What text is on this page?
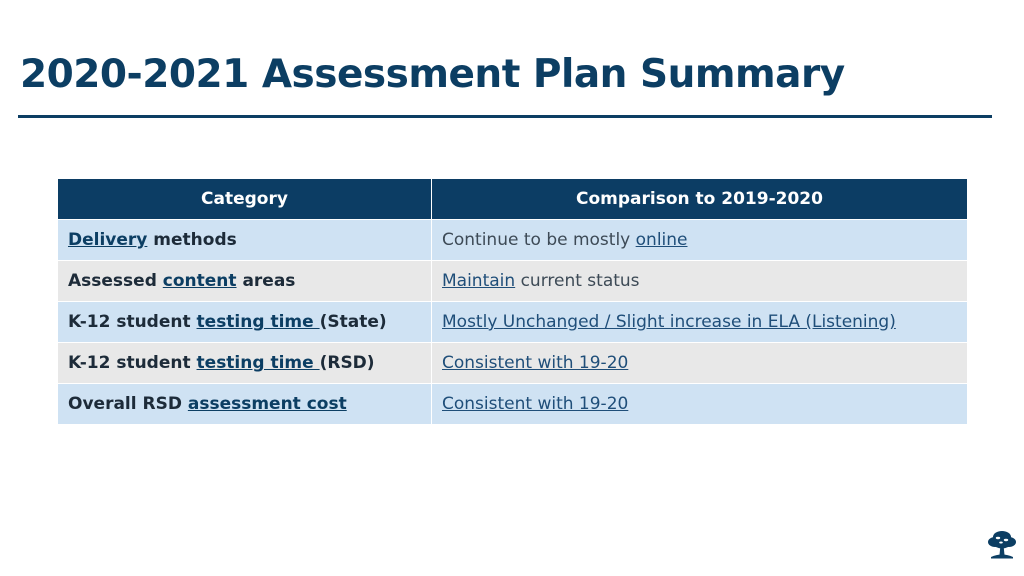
2020-2021 Assessment Plan Summary
Category	Comparison to 2019-2020
Delivery methods	Continue to be mostly online
Assessed content areas	Maintain current status
K-12 student testing time (State)	Mostly Unchanged / Slight increase in ELA (Listening)
K-12 student testing time (RSD)	Consistent with 19-20
Overall RSD assessment cost	Consistent with 19-20
